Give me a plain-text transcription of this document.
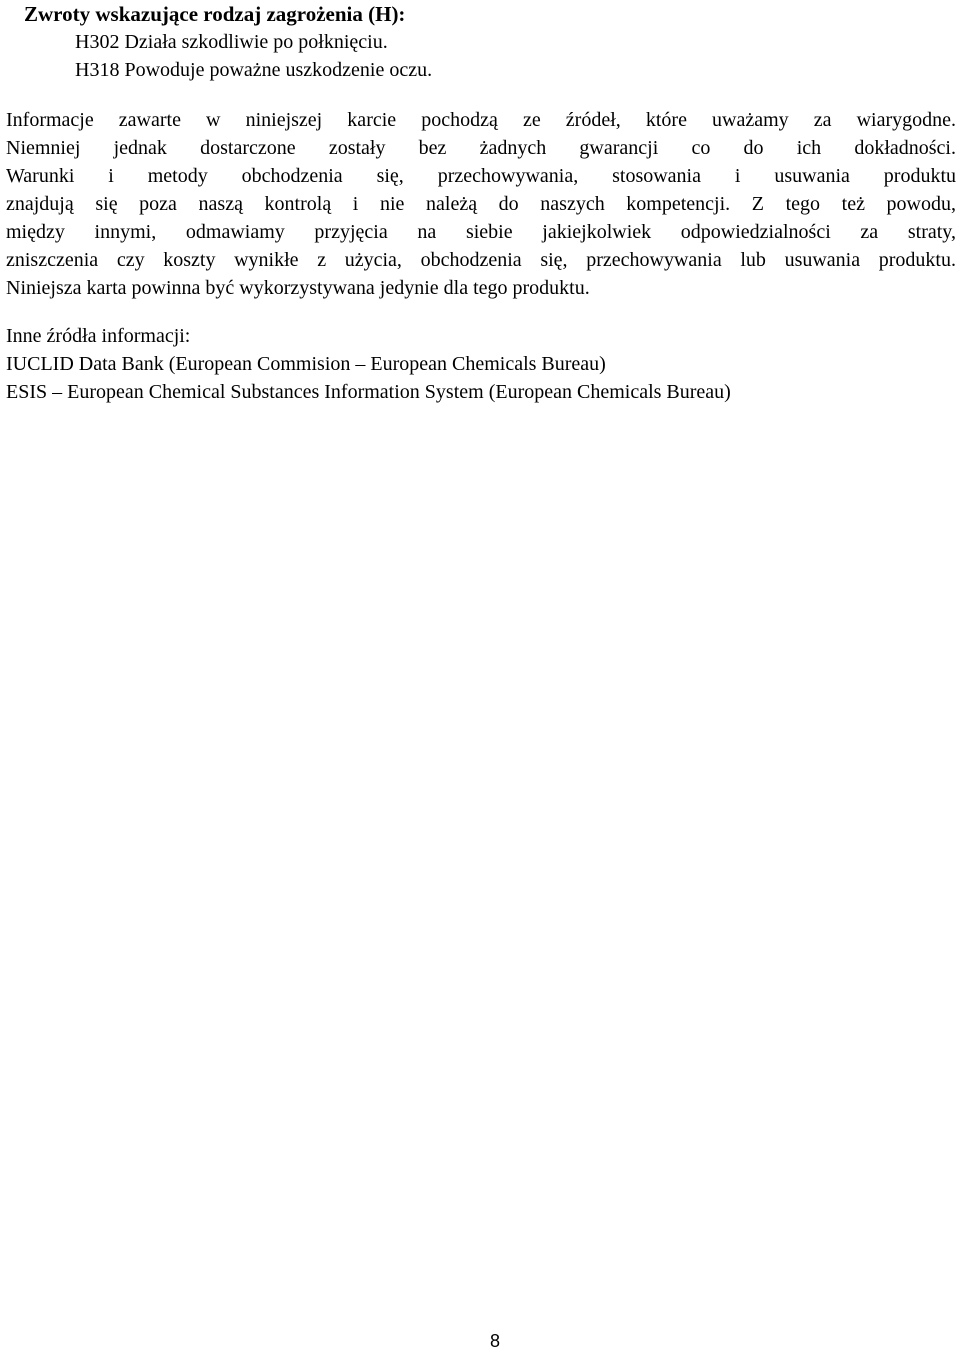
Zwroty wskazujące rodzaj zagrożenia (H):
H302 Działa szkodliwie po połknięciu.
H318 Powoduje poważne uszkodzenie oczu.

Informacje zawarte w niniejszej karcie pochodzą ze źródeł, które uważamy za wiarygodne.
Niemniej jednak dostarczone zostały bez żadnych gwarancji co do ich dokładności.
Warunki i metody obchodzenia się, przechowywania, stosowania i usuwania produktu
znajdują się poza naszą kontrolą i nie należą do naszych kompetencji. Z tego też powodu,
między innymi, odmawiamy przyjęcia na siebie jakiejkolwiek odpowiedzialności za straty,
zniszczenia czy koszty wynikłe z użycia, obchodzenia się, przechowywania lub usuwania produktu.
Niniejsza karta powinna być wykorzystywana jedynie dla tego produktu.

Inne źródła informacji:
IUCLID Data Bank (European Commision – European Chemicals Bureau)
ESIS – European Chemical Substances Information System (European Chemicals Bureau)
8
